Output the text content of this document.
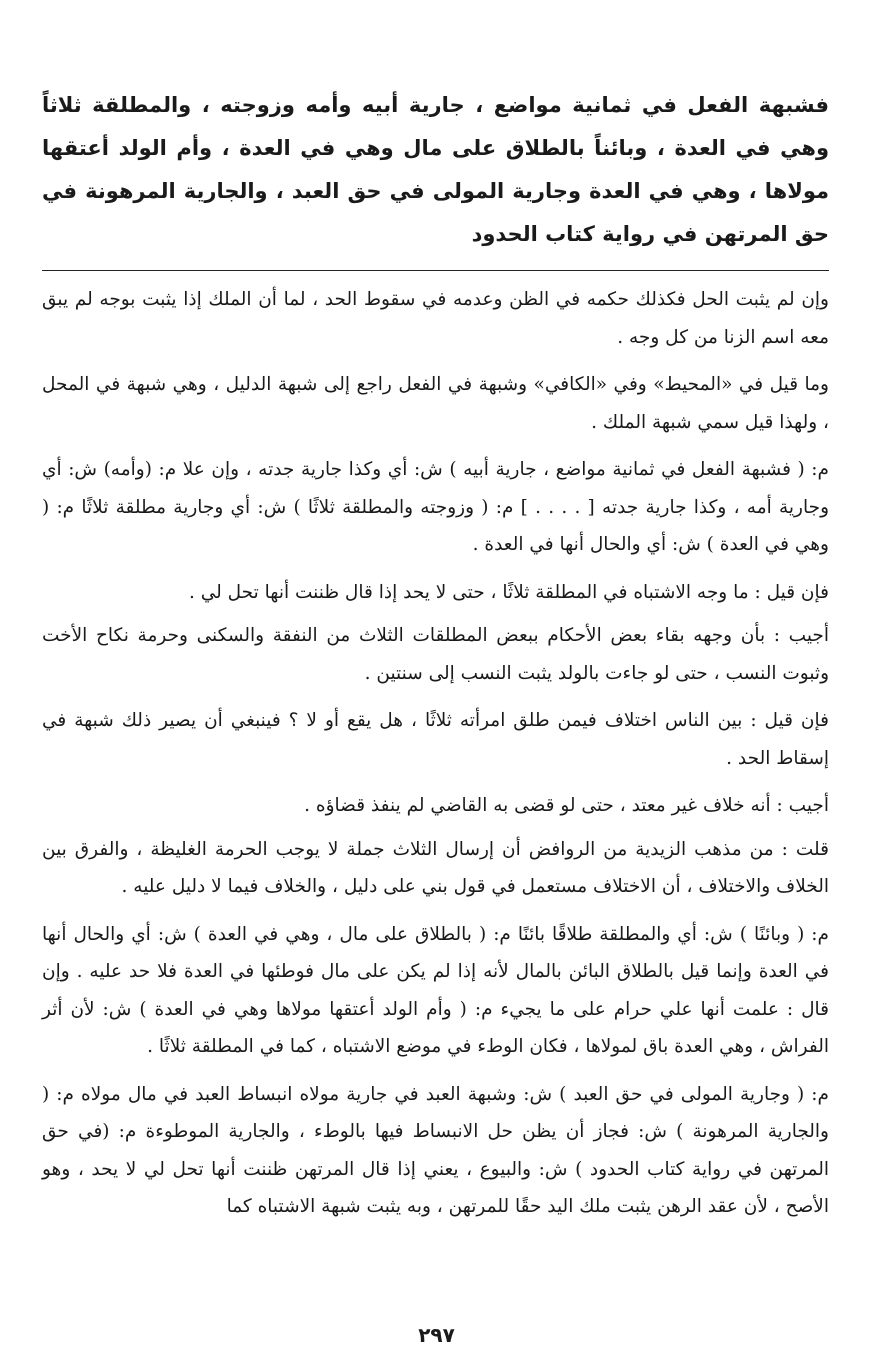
فشبهة الفعل في ثمانية مواضع ، جارية أبيه وأمه وزوجته ، والمطلقة ثلاثاً وهي في العدة ، وبائناً بالطلاق على مال وهي في العدة ، وأم الولد أعتقها مولاها ، وهي في العدة وجارية المولى في حق العبد ، والجارية المرهونة في حق المرتهن في رواية كتاب الحدود

وإن لم يثبت الحل فكذلك حكمه في الظن وعدمه في سقوط الحد ، لما أن الملك إذا يثبت بوجه لم يبق معه اسم الزنا من كل وجه .

وما قيل في «المحيط» وفي «الكافي» وشبهة في الفعل راجع إلى شبهة الدليل ، وهي شبهة في المحل ، ولهذا قيل سمي شبهة الملك .

م: ( فشبهة الفعل في ثمانية مواضع ، جارية أبيه ) ش: أي وكذا جارية جدته ، وإن علا م: (وأمه) ش: أي وجارية أمه ، وكذا جارية جدته [ . . . . ] م: ( وزوجته والمطلقة ثلاثًا ) ش: أي وجارية مطلقة ثلاثًا م: ( وهي في العدة ) ش: أي والحال أنها في العدة .

فإن قيل : ما وجه الاشتباه في المطلقة ثلاثًا ، حتى لا يحد إذا قال ظننت أنها تحل لي .

أجيب : بأن وجهه بقاء بعض الأحكام ببعض المطلقات الثلاث من النفقة والسكنى وحرمة نكاح الأخت وثبوت النسب ، حتى لو جاءت بالولد يثبت النسب إلى سنتين .

فإن قيل : بين الناس اختلاف فيمن طلق امرأته ثلاثًا ، هل يقع أو لا ؟ فينبغي أن يصير ذلك شبهة في إسقاط الحد .

أجيب : أنه خلاف غير معتد ، حتى لو قضى به القاضي لم ينفذ قضاؤه .

قلت : من مذهب الزيدية من الروافض أن إرسال الثلاث جملة لا يوجب الحرمة الغليظة ، والفرق بين الخلاف والاختلاف ، أن الاختلاف مستعمل في قول بني على دليل ، والخلاف فيما لا دليل عليه .

م: ( وبائنًا ) ش: أي والمطلقة طلاقًا بائنًا م: ( بالطلاق على مال ، وهي في العدة ) ش: أي والحال أنها في العدة وإنما قيل بالطلاق البائن بالمال لأنه إذا لم يكن على مال فوطئها في العدة فلا حد عليه . وإن قال : علمت أنها علي حرام على ما يجيء م: ( وأم الولد أعتقها مولاها وهي في العدة ) ش: لأن أثر الفراش ، وهي العدة باق لمولاها ، فكان الوطء في موضع الاشتباه ، كما في المطلقة ثلاثًا .

م: ( وجارية المولى في حق العبد ) ش: وشبهة العبد في جارية مولاه انبساط العبد في مال مولاه م: ( والجارية المرهونة ) ش: فجاز أن يظن حل الانبساط فيها بالوطء ، والجارية الموطوءة م: (في حق المرتهن في رواية كتاب الحدود ) ش: والبيوع ، يعني إذا قال المرتهن ظننت أنها تحل لي لا يحد ، وهو الأصح ، لأن عقد الرهن يثبت ملك اليد حقًا للمرتهن ، وبه يثبت شبهة الاشتباه كما

٢٩٧
